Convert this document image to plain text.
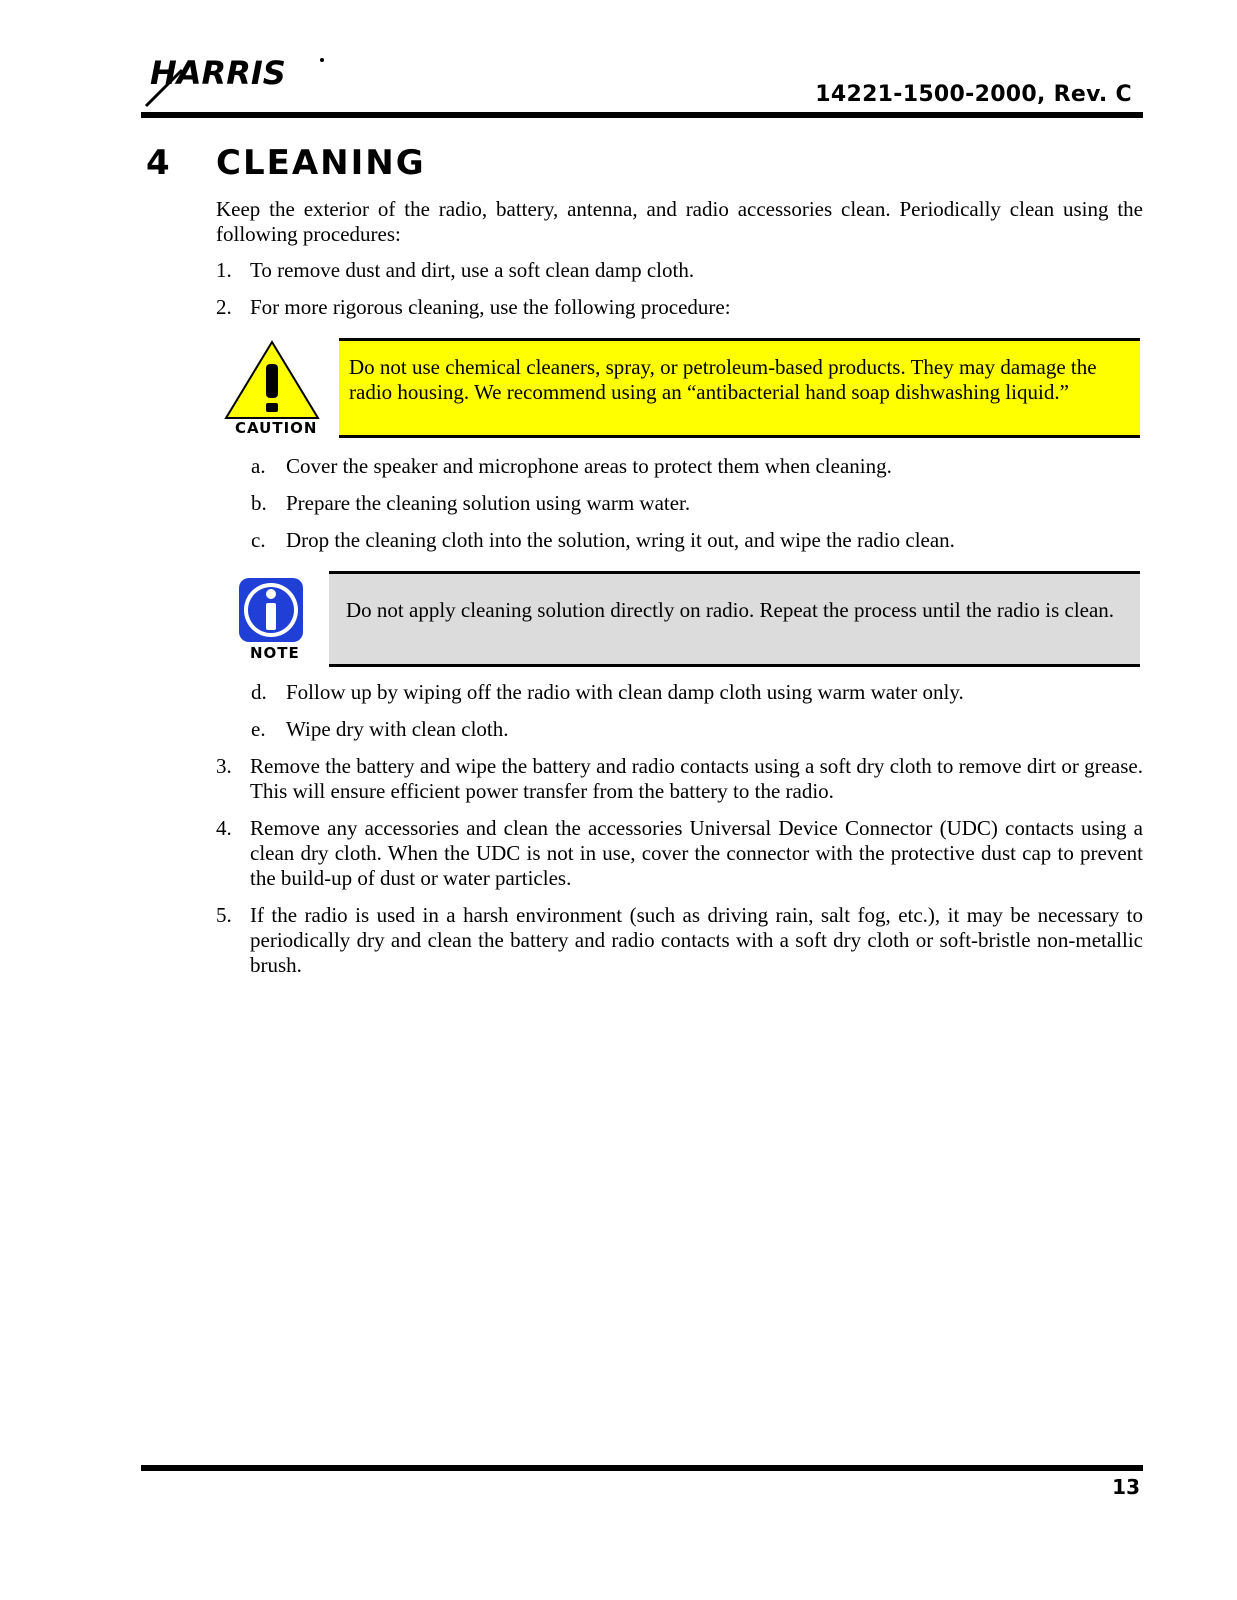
HARRIS
14221-1500-2000, Rev. C
4 CLEANING
Keep the exterior of the radio, battery, antenna, and radio accessories clean. Periodically clean using the following procedures:
1. To remove dust and dirt, use a soft clean damp cloth.
2. For more rigorous cleaning, use the following procedure:
CAUTION
Do not use chemical cleaners, spray, or petroleum-based products. They may damage the radio housing. We recommend using an “antibacterial hand soap dishwashing liquid.”
a. Cover the speaker and microphone areas to protect them when cleaning.
b. Prepare the cleaning solution using warm water.
c. Drop the cleaning cloth into the solution, wring it out, and wipe the radio clean.
NOTE
Do not apply cleaning solution directly on radio. Repeat the process until the radio is clean.
d. Follow up by wiping off the radio with clean damp cloth using warm water only.
e. Wipe dry with clean cloth.
3. Remove the battery and wipe the battery and radio contacts using a soft dry cloth to remove dirt or grease. This will ensure efficient power transfer from the battery to the radio.
4. Remove any accessories and clean the accessories Universal Device Connector (UDC) contacts using a clean dry cloth. When the UDC is not in use, cover the connector with the protective dust cap to prevent the build-up of dust or water particles.
5. If the radio is used in a harsh environment (such as driving rain, salt fog, etc.), it may be necessary to periodically dry and clean the battery and radio contacts with a soft dry cloth or soft-bristle non-metallic brush.
13
